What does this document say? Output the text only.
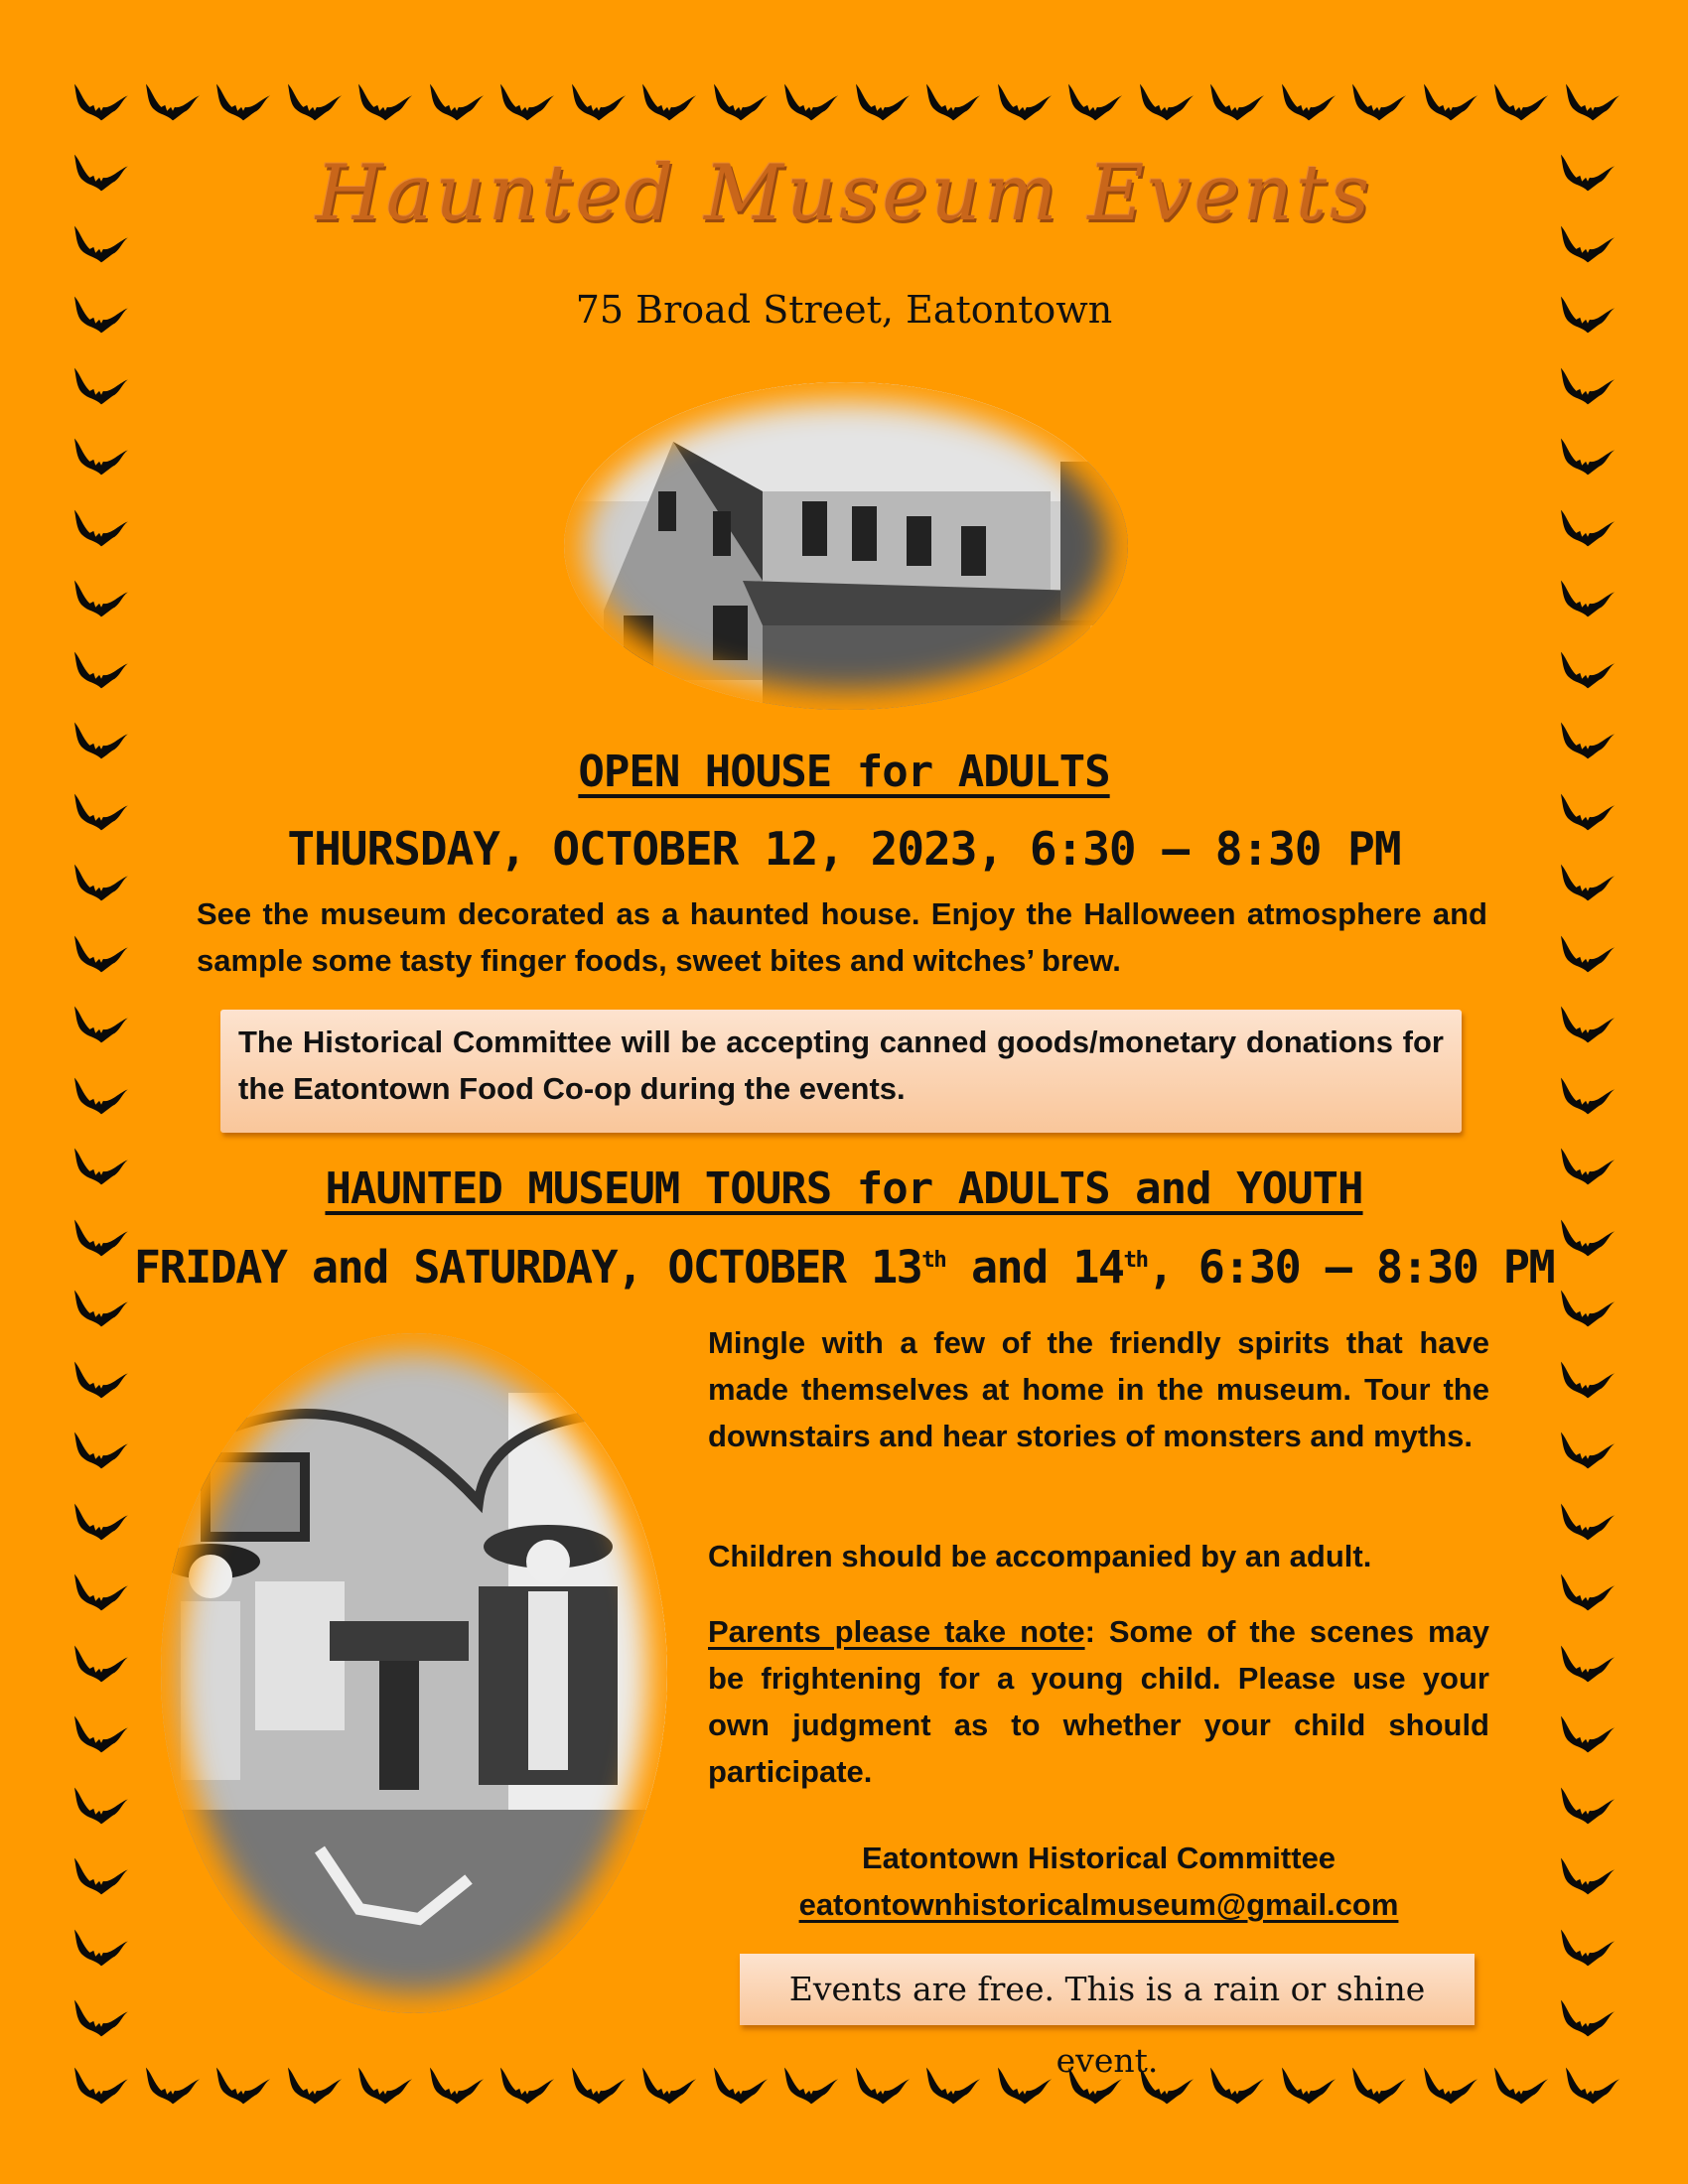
Haunted Museum Events
75 Broad Street, Eatontown
OPEN HOUSE for ADULTS
THURSDAY, OCTOBER 12, 2023, 6:30 – 8:30 PM
See the museum decorated as a haunted house. Enjoy the Halloween atmosphere and sample some tasty finger foods, sweet bites and witches’ brew.
The Historical Committee will be accepting canned goods/monetary donations for the Eatontown Food Co-op during the events.
HAUNTED MUSEUM TOURS for ADULTS and YOUTH
FRIDAY and SATURDAY, OCTOBER 13th and 14th, 6:30 – 8:30 PM
Mingle with a few of the friendly spirits that have made themselves at home in the museum. Tour the downstairs and hear stories of monsters and myths.
Children should be accompanied by an adult.
Parents please take note: Some of the scenes may be frightening for a young child. Please use your own judgment as to whether your child should participate.
Eatontown Historical Committee
eatontownhistoricalmuseum@gmail.com
Events are free. This is a rain or shine event.
